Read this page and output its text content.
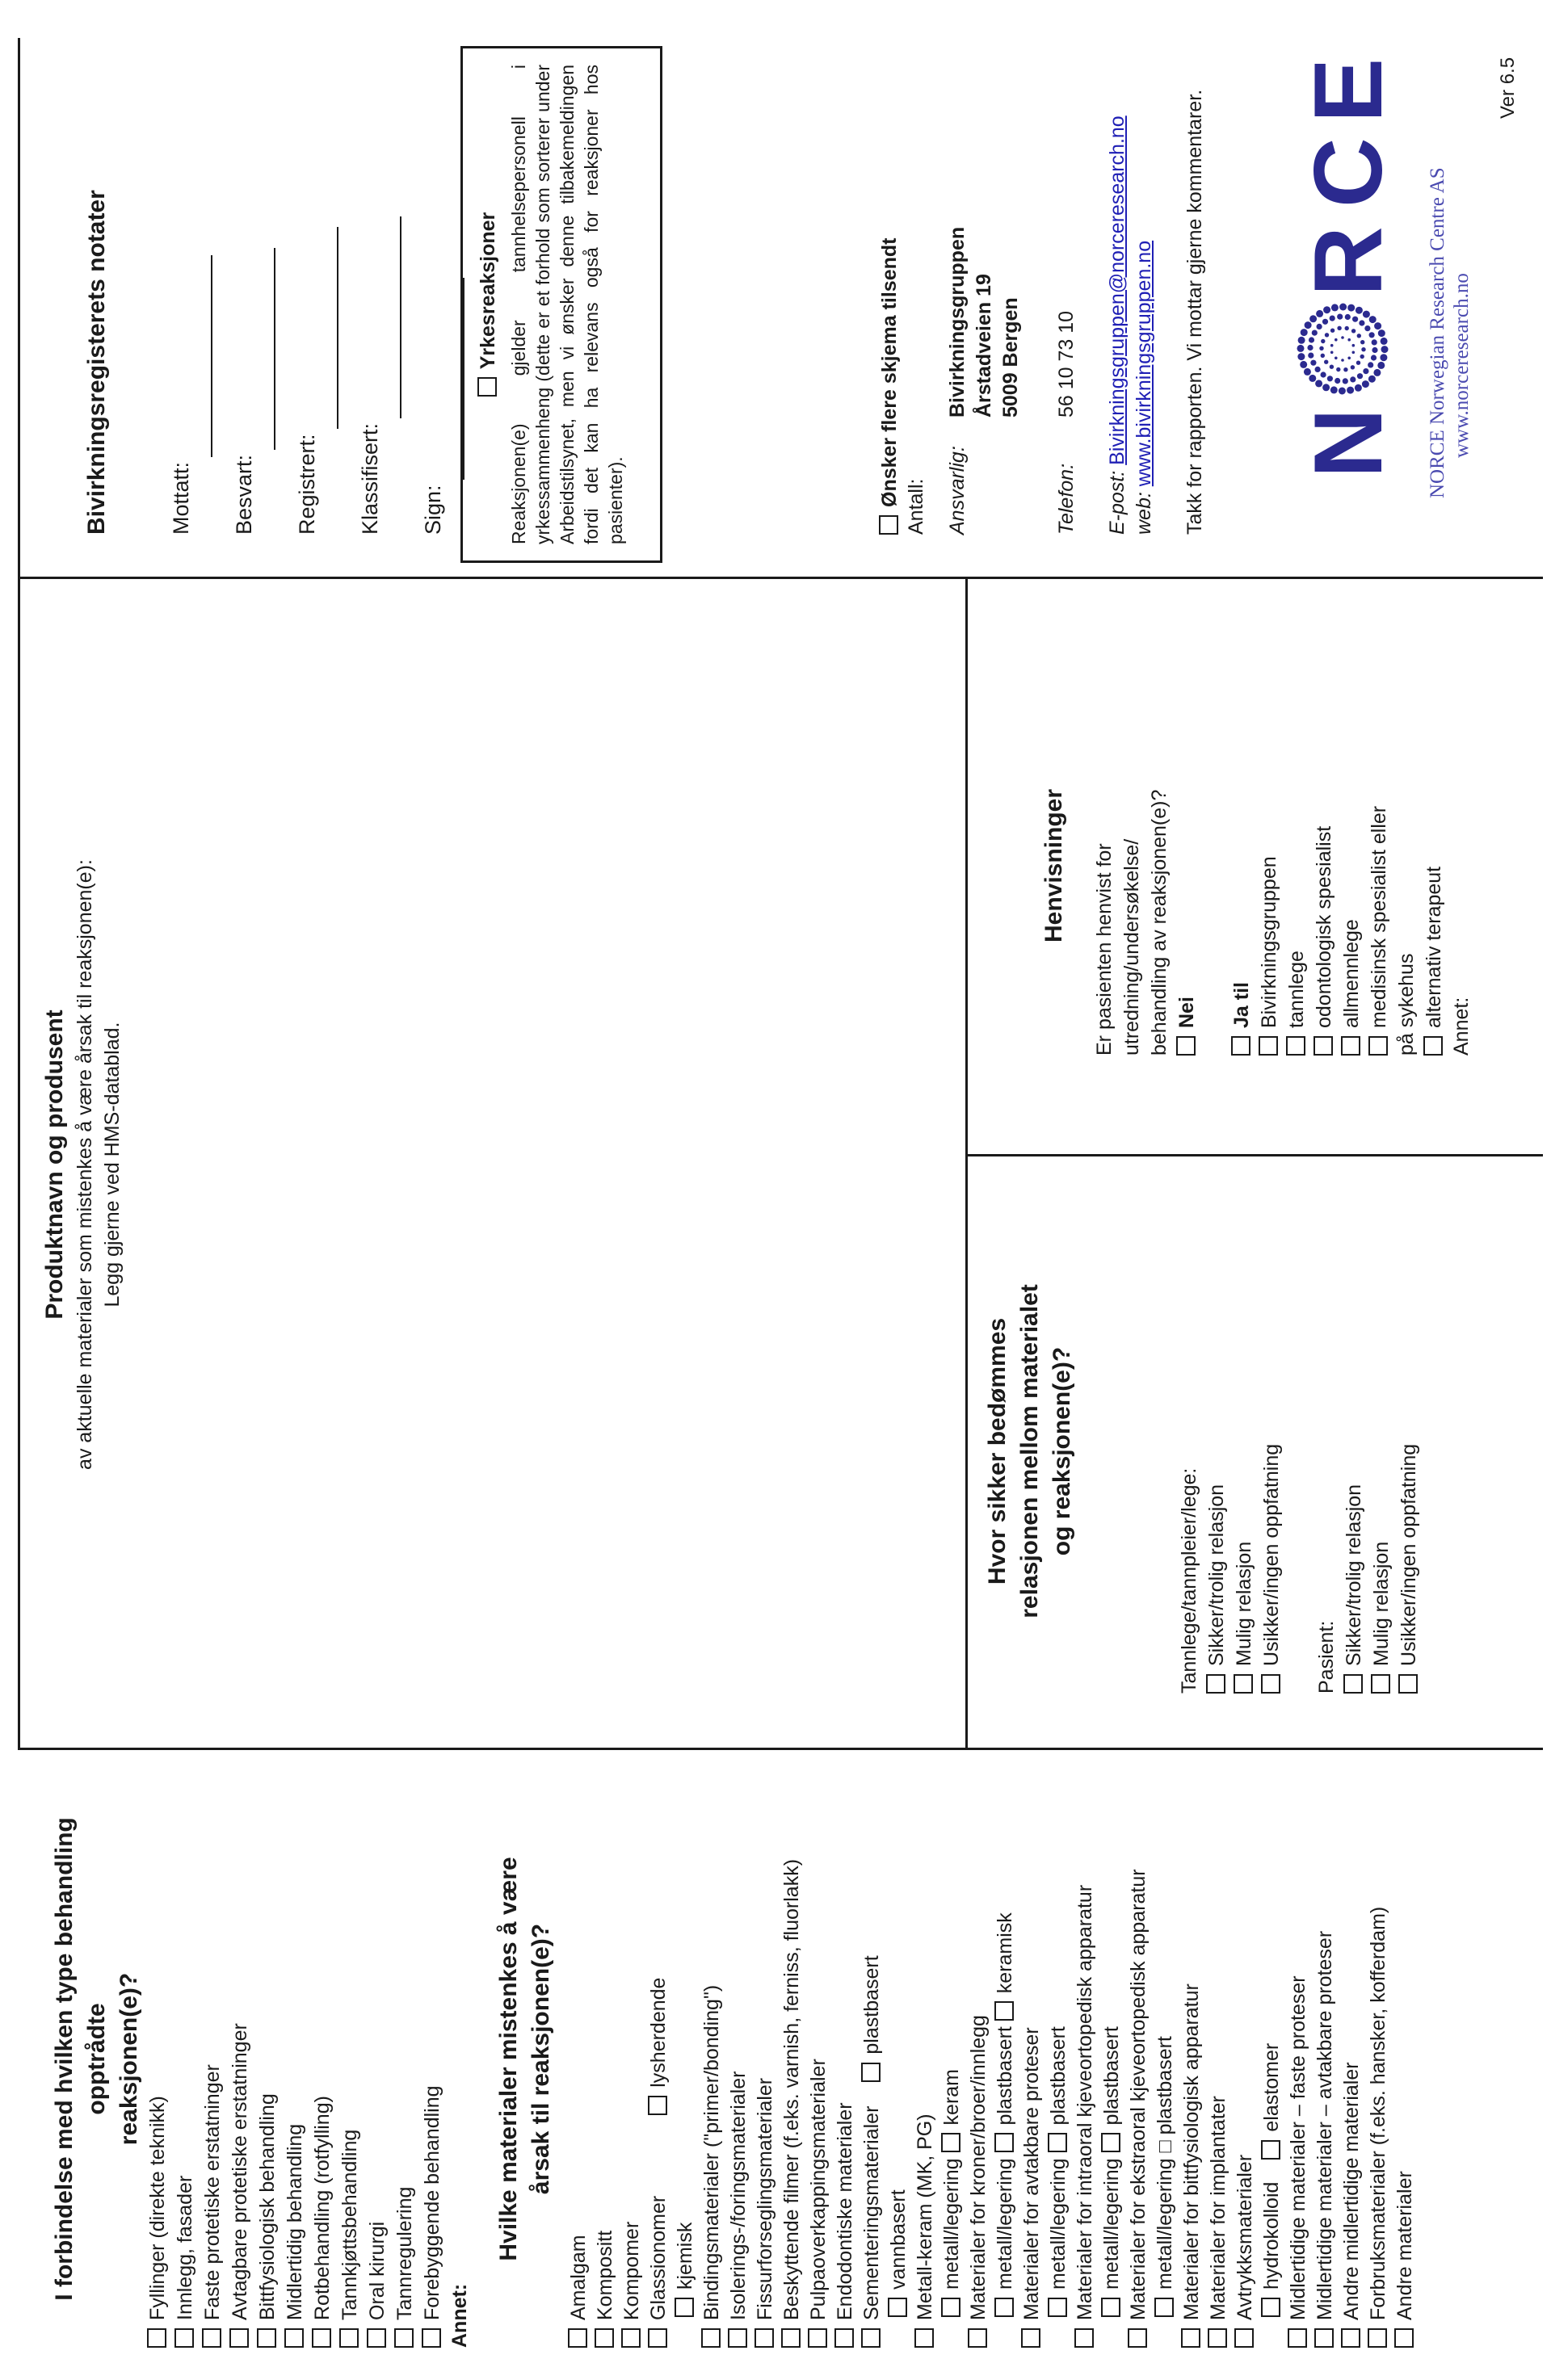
I forbindelse med hvilken type behandling opptrådte reaksjonen(e)?
Fyllinger (direkte teknikk) Innlegg, fasader Faste protetiske erstatninger Avtagbare protetiske erstatninger Bittfysiologisk behandling Midlertidig behandling Rotbehandling (rotfylling) Tannkjøttsbehandling Oral kirurgi Tannregulering Forebyggende behandling Annet:
Hvilke materialer mistenkes å være årsak til reaksjonen(e)?
Amalgam Kompositt Kompomer Glassionomerlysherdende
kjemisk Bindingsmaterialer ("primer/bonding") Isolerings-/foringsmaterialer Fissurforseglingsmaterialer Beskyttende filmer (f.eks. varnish, ferniss, fluorlakk) Pulpaoverkappingsmaterialer Endodontiske materialer Sementeringsmaterialerplastbasert
vannbasert Metall-keram (MK, PG) metall/legering keram Materialer for kroner/broer/innlegg metall/legering plastbasert keramisk
Materialer for avtakbare proteser metall/legering plastbasert Materialer for intraoral kjeveortopedisk apparatur metall/legering plastbasert Materialer for ekstraoral kjeveortopedisk apparatur metall/legering □ plastbasert Materialer for bittfysiologisk apparatur Materialer for implantater Avtrykksmaterialer hydrokolloidelastomer Midlertidige materialer – faste proteser Midlertidige materialer – avtakbare proteser Andre midlertidige materialer Forbruksmaterialer (f.eks. hansker, kofferdam) Andre materialer
Produktnavn og produsent av aktuelle materialer som mistenkes å være årsak til reaksjonen(e): Legg gjerne ved HMS-datablad.
Hvor sikker bedømmes relasjonen mellom materialet og reaksjonen(e)?
Tannlege/tannpleier/lege: Sikker/trolig relasjon Mulig relasjon Usikker/ingen oppfatning Pasient: Sikker/trolig relasjon Mulig relasjon Usikker/ingen oppfatning
Henvisninger Er pasienten henvist for utredning/undersøkelse/ behandling av reaksjonen(e)? Nei Ja til Bivirkningsgruppen tannlege odontologisk spesialist allmennlege medisinsk spesialist eller på sykehus alternativ terapeut Annet:
Bivirkningsregisterets notater	Mottatt:	Besvart:	Registrert:	Klassifisert:	Sign:
Yrkesreaksjoner Reaksjonen(e) gjelder tannhelsepersonell i yrkessammenheng (dette er et forhold som sorterer under Arbeidstilsynet, men vi ønsker denne tilbakemeldingen fordi det kan ha relevans også for reaksjoner hos pasienter).	Ønsker flere skjema tilsendt Antall: Ansvarlig:Bivirkningsgruppen Årstadveien 19 5009 Bergen
Telefon:56 10 73 10
E-post: Bivirkningsgruppen@norceresearch.no
web: www.bivirkningsgruppen.no Takk for rapporten. Vi mottar gjerne kommentarer. N
R
C
E
NORCE Norwegian Research Centre AS www.norceresearch.no
Ver 6.5
